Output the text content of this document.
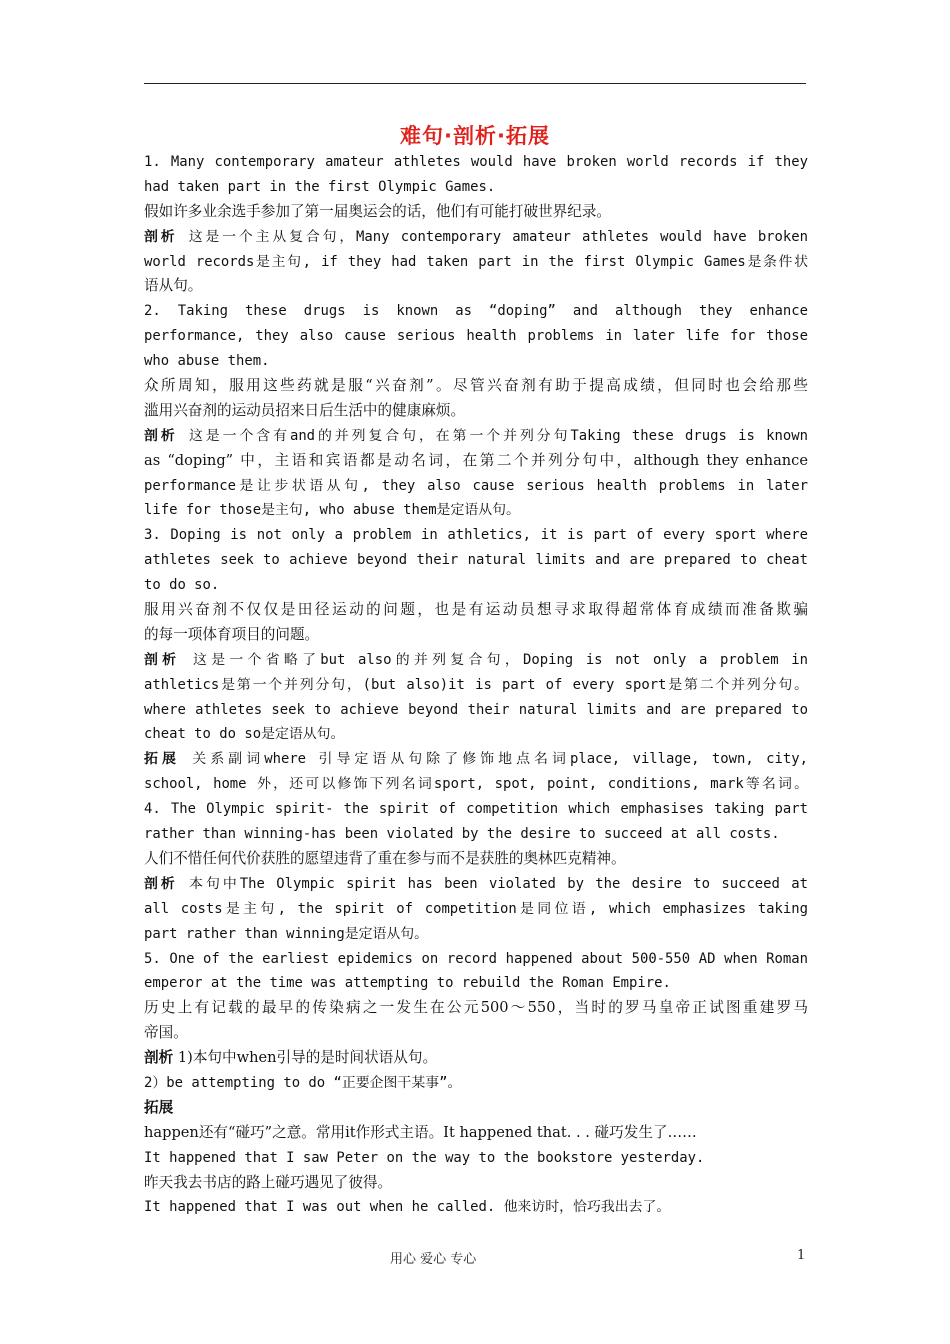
难句·剖析·拓展
1. Many contemporary amateur athletes would have broken world records if they
had taken part in the first Olympic Games.
假如许多业余选手参加了第一届奥运会的话，他们有可能打破世界纪录。
剖析 这是一个主从复合句，Many contemporary amateur athletes would have broken
world records是主句, if they had taken part in the first Olympic Games是条件状
语从句。
2. Taking these drugs is known as “doping” and although they enhance
performance, they also cause serious health problems in later life for those
who abuse them.
众所周知，服用这些药就是服“兴奋剂”。尽管兴奋剂有助于提高成绩，但同时也会给那些
滥用兴奋剂的运动员招来日后生活中的健康麻烦。
剖析 这是一个含有and的并列复合句，在第一个并列分句Taking these drugs is known
as “doping” 中，主语和宾语都是动名词，在第二个并列分句中，although they enhance
performance是让步状语从句, they also cause serious health problems in later
life for those是主句, who abuse them是定语从句。
3. Doping is not only a problem in athletics, it is part of every sport where
athletes seek to achieve beyond their natural limits and are prepared to cheat
to do so.
服用兴奋剂不仅仅是田径运动的问题，也是有运动员想寻求取得超常体育成绩而准备欺骗
的每一项体育项目的问题。
剖析 这是一个省略了but also的并列复合句，Doping is not only a problem in
athletics是第一个并列分句，(but also)it is part of every sport是第二个并列分句。
where athletes seek to achieve beyond their natural limits and are prepared to
cheat to do so是定语从句。
拓展 关系副词where 引导定语从句除了修饰地点名词place, village, town, city,
school, home 外，还可以修饰下列名词sport, spot, point, conditions, mark等名词。
4. The Olympic spirit- the spirit of competition which emphasises taking part
rather than winning-has been violated by the desire to succeed at all costs.
人们不惜任何代价获胜的愿望违背了重在参与而不是获胜的奥林匹克精神。
剖析 本句中The Olympic spirit has been violated by the desire to succeed at
all costs是主句, the spirit of competition是同位语, which emphasizes taking
part rather than winning是定语从句。
5. One of the earliest epidemics on record happened about 500-550 AD when Roman
emperor at the time was attempting to rebuild the Roman Empire.
历史上有记载的最早的传染病之一发生在公元500～550，当时的罗马皇帝正试图重建罗马
帝国。
剖析 1)本句中when引导的是时间状语从句。
2）be attempting to do “正要企图干某事”。
拓展
happen还有“碰巧”之意。常用it作形式主语。It happened that. . . 碰巧发生了……
It happened that I saw Peter on the way to the bookstore yesterday.
昨天我去书店的路上碰巧遇见了彼得。
It happened that I was out when he called. 他来访时，恰巧我出去了。
用心 爱心 专心	1
